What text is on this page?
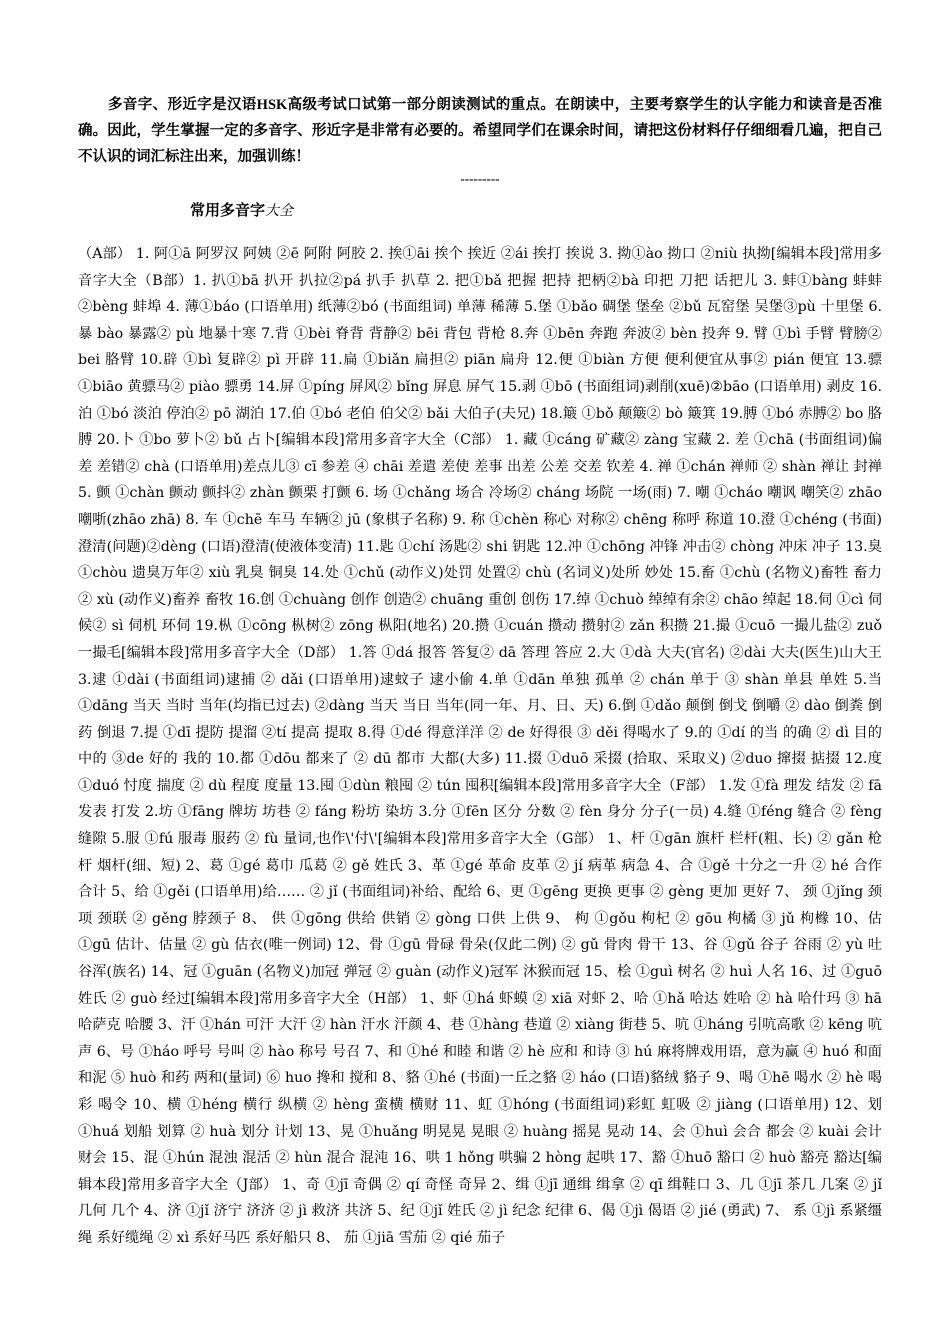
多音字、形近字是汉语HSK高级考试口试第一部分朗读测试的重点。在朗读中，主要考察学生的认字能力和读音是否准确。因此，学生掌握一定的多音字、形近字是非常有必要的。希望同学们在课余时间，请把这份材料仔仔细细看几遍，把自己不认识的词汇标注出来，加强训练！

---------
常用多音字大全

（A部） 1. 阿①ā 阿罗汉 阿姨 ②ē 阿附 阿胶 2. 挨①āi 挨个 挨近 ②ái 挨打 挨说 3. 拗①ào 拗口 ②niù 执拗[编辑本段]常用多音字大全（B部）1. 扒①bā 扒开 扒拉②pá 扒手 扒草 2. 把①bǎ 把握 把持 把柄②bà 印把 刀把 话把儿 3. 蚌①bàng 蚌蚌②bèng 蚌埠 4. 薄①báo (口语单用) 纸薄②bó (书面组词) 单薄 稀薄 5.堡 ①bǎo 碉堡 堡垒 ②bǔ 瓦窑堡 吴堡③pù 十里堡 6.暴 bào 暴露② pù 地暴十寒 7.背 ①bèi 脊背 背静② bēi 背包 背枪 8.奔 ①bēn 奔跑 奔波② bèn 投奔 9. 臂 ①bì 手臂 臂膀② bei 胳臂 10.辟 ①bì 复辟② pì 开辟 11.扁 ①biǎn 扁担② piān 扁舟 12.便 ①biàn 方便 便利便宜从事② pián 便宜 13.骠 ①biāo 黄骠马② piào 骠勇 14.屏 ①píng 屏风② bǐng 屏息 屏气 15.剥 ①bō (书面组词)剥削(xuē)②bāo (口语单用) 剥皮 16.泊 ①bó 淡泊 停泊② pō 湖泊 17.伯 ①bó 老伯 伯父② bǎi 大伯子(夫兄) 18.簸 ①bǒ 颠簸② bò 簸箕 19.膊 ①bó 赤膊② bo 胳膊 20.卜 ①bo 萝卜② bǔ 占卜[编辑本段]常用多音字大全（C部） 1. 藏 ①cáng 矿藏② zàng 宝藏 2. 差 ①chā (书面组词)偏差 差错② chà (口语单用)差点儿③ cī 参差 ④ chāi 差遣 差使 差事 出差 公差 交差 钦差 4. 禅 ①chán 禅师 ② shàn 禅让 封禅 5. 颤 ①chàn 颤动 颤抖② zhàn 颤栗 打颤 6. 场 ①chǎng 场合 冷场② cháng 场院 一场(雨) 7. 嘲 ①cháo 嘲讽 嘲笑② zhāo 嘲哳(zhāo zhā) 8. 车 ①chē 车马 车辆② jū (象棋子名称) 9. 称 ①chèn 称心 对称② chēng 称呼 称道 10.澄 ①chéng (书面)澄清(问题)②dèng (口语)澄清(使液体变清) 11.匙 ①chí 汤匙② shi 钥匙 12.冲 ①chōng 冲锋 冲击② chòng 冲床 冲子 13.臭 ①chòu 遗臭万年② xiù 乳臭 铜臭 14.处 ①chǔ (动作义)处罚 处置② chù (名词义)处所 妙处 15.畜 ①chù (名物义)畜牲 畜力② xù (动作义)畜养 畜牧 16.创 ①chuàng 创作 创造② chuāng 重创 创伤 17.绰 ①chuò 绰绰有余② chāo 绰起 18.伺 ①cì 伺候② sì 伺机 环伺 19.枞 ①cōng 枞树② zōng 枞阳(地名) 20.攒 ①cuán 攒动 攒射② zǎn 积攒 21.撮 ①cuō 一撮儿盐② zuǒ 一撮毛[编辑本段]常用多音字大全（D部） 1.答 ①dá 报答 答复② dā 答理 答应 2.大 ①dà 大夫(官名) ②dài 大夫(医生)山大王 3.逮 ①dài (书面组词)逮捕 ② dǎi (口语单用)逮蚊子 逮小偷 4.单 ①dān 单独 孤单 ② chán 单于 ③ shàn 单县 单姓 5.当 ①dāng 当天 当时 当年(均指已过去) ②dàng 当天 当日 当年(同一年、月、日、天) 6.倒 ①dǎo 颠倒 倒戈 倒嚼 ② dào 倒粪 倒药 倒退 7.提 ①dī 提防 提溜 ②tí 提高 提取 8.得 ①dé 得意洋洋 ② de 好得很 ③ děi 得喝水了 9.的 ①dí 的当 的确 ② dì 目的 中的 ③de 好的 我的 10.都 ①dōu 都来了 ② dū 都市 大都(大多) 11.掇 ①duō 采掇 (拾取、采取义) ②duo 撺掇 掂掇 12.度 ①duó 忖度 揣度 ② dù 程度 度量 13.囤 ①dùn 粮囤 ② tún 囤积[编辑本段]常用多音字大全（F部） 1.发 ①fà 理发 结发 ② fā 发表 打发 2.坊 ①fāng 牌坊 坊巷 ② fáng 粉坊 染坊 3.分 ①fēn 区分 分数 ② fèn 身分 分子(一员) 4.缝 ①féng 缝合 ② fèng 缝隙 5.服 ①fú 服毒 服药 ② fù 量词,也作\'付\'[编辑本段]常用多音字大全（G部） 1、杆 ①gān 旗杆 栏杆(粗、长) ② gǎn 枪杆 烟杆(细、短) 2、葛 ①gé 葛巾 瓜葛 ② gě 姓氏 3、革 ①gé 革命 皮革 ② jí 病革 病急 4、合 ①gě 十分之一升 ② hé 合作 合计 5、给 ①gěi (口语单用)给…… ② jǐ (书面组词)补给、配给 6、更 ①gēng 更换 更事 ② gèng 更加 更好 7、 颈 ①jǐng 颈项 颈联 ② gěng 脖颈子 8、 供 ①gōng 供给 供销 ② gòng 口供 上供 9、 枸 ①gǒu 枸杞 ② gōu 枸橘 ③ jǔ 枸橼 10、估 ①gū 估计、估量 ② gù 估衣(唯一例词) 12、骨 ①gū 骨碌 骨朵(仅此二例) ② gǔ 骨肉 骨干 13、谷 ①gǔ 谷子 谷雨 ② yù 吐谷浑(族名) 14、冠 ①guān (名物义)加冠 弹冠 ② guàn (动作义)冠军 沐猴而冠 15、桧 ①guì 树名 ② huì 人名 16、过 ①guō 姓氏 ② guò 经过[编辑本段]常用多音字大全（H部） 1、虾 ①há 虾蟆 ② xiā 对虾 2、哈 ①hǎ 哈达 姓哈 ② hà 哈什玛 ③ hā 哈萨克 哈腰 3、汗 ①hán 可汗 大汗 ② hàn 汗水 汗颜 4、巷 ①hàng 巷道 ② xiàng 街巷 5、吭 ①háng 引吭高歌 ② kēng 吭声 6、号 ①háo 呼号 号叫 ② hào 称号 号召 7、和 ①hé 和睦 和谐 ② hè 应和 和诗 ③ hú 麻将牌戏用语，意为赢 ④ huó 和面 和泥 ⑤ huò 和药 两和(量词) ⑥ huo 搀和 搅和 8、貉 ①hé (书面)一丘之貉 ② háo (口语)貉绒 貉子 9、喝 ①hē 喝水 ② hè 喝彩 喝令 10、横 ①héng 横行 纵横 ② hèng 蛮横 横财 11、虹 ①hóng (书面组词)彩虹 虹吸 ② jiàng (口语单用) 12、划 ①huá 划船 划算 ② huà 划分 计划 13、晃 ①huǎng 明晃晃 晃眼 ② huàng 摇晃 晃动 14、会 ①huì 会合 都会 ② kuài 会计 财会 15、混 ①hún 混浊 混活 ② hùn 混合 混沌 16、哄 1 hǒng 哄骗 2 hòng 起哄 17、豁 ①huō 豁口 ② huò 豁亮 豁达[编辑本段]常用多音字大全（J部） 1、奇 ①jī 奇偶 ② qí 奇怪 奇异 2、缉 ①jī 通缉 缉拿 ② qī 缉鞋口 3、几 ①jī 茶几 几案 ② jǐ 几何 几个 4、济 ①jǐ 济宁 济济 ② jì 救济 共济 5、纪 ①jǐ 姓氏 ② jì 纪念 纪律 6、偈 ①jì 偈语 ② jié (勇武) 7、 系 ①jì 系紧缰绳 系好缆绳 ② xì 系好马匹 系好船只 8、 茄 ①jiā 雪茄 ② qié 茄子
